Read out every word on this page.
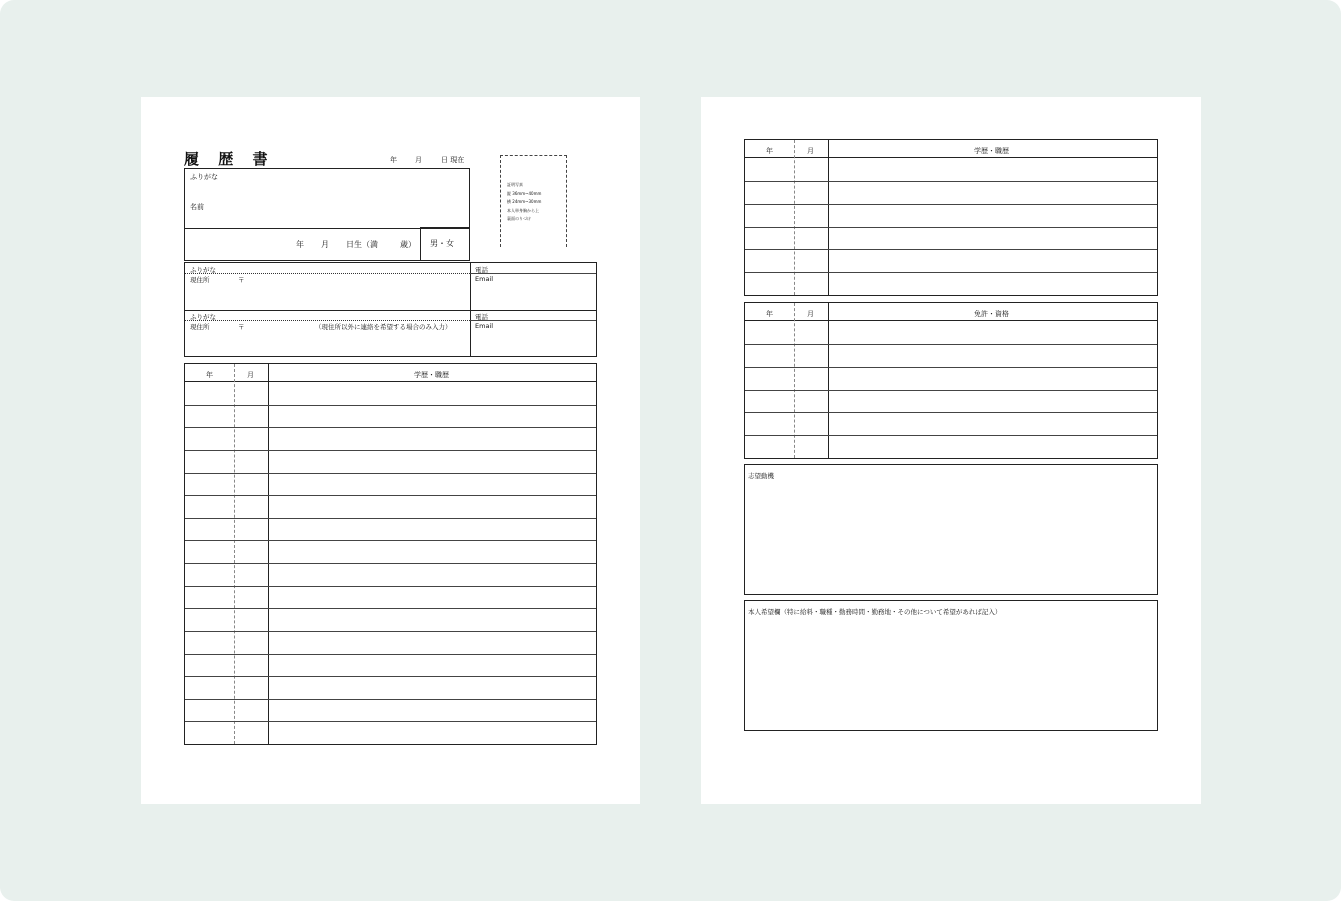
履 歴 書	年	月	日 現在
ふりがな
名前
年 月 日生（満	歳） 男・女
証明写真
縦 36mm~40mm
横 24mm~30mm
本人単身胸から上
裏面のりづけ
ふりがな
現住所	〒
電話
Email
ふりがな
現住所	〒	（現住所以外に連絡を希望する場合のみ入力）
電話
Email
年	月	学歴・職歴
年	月	学歴・職歴
年	月	免許・資格
志望動機
本人希望欄（特に給料・職種・勤務時間・勤務地・その他について希望があれば記入）
